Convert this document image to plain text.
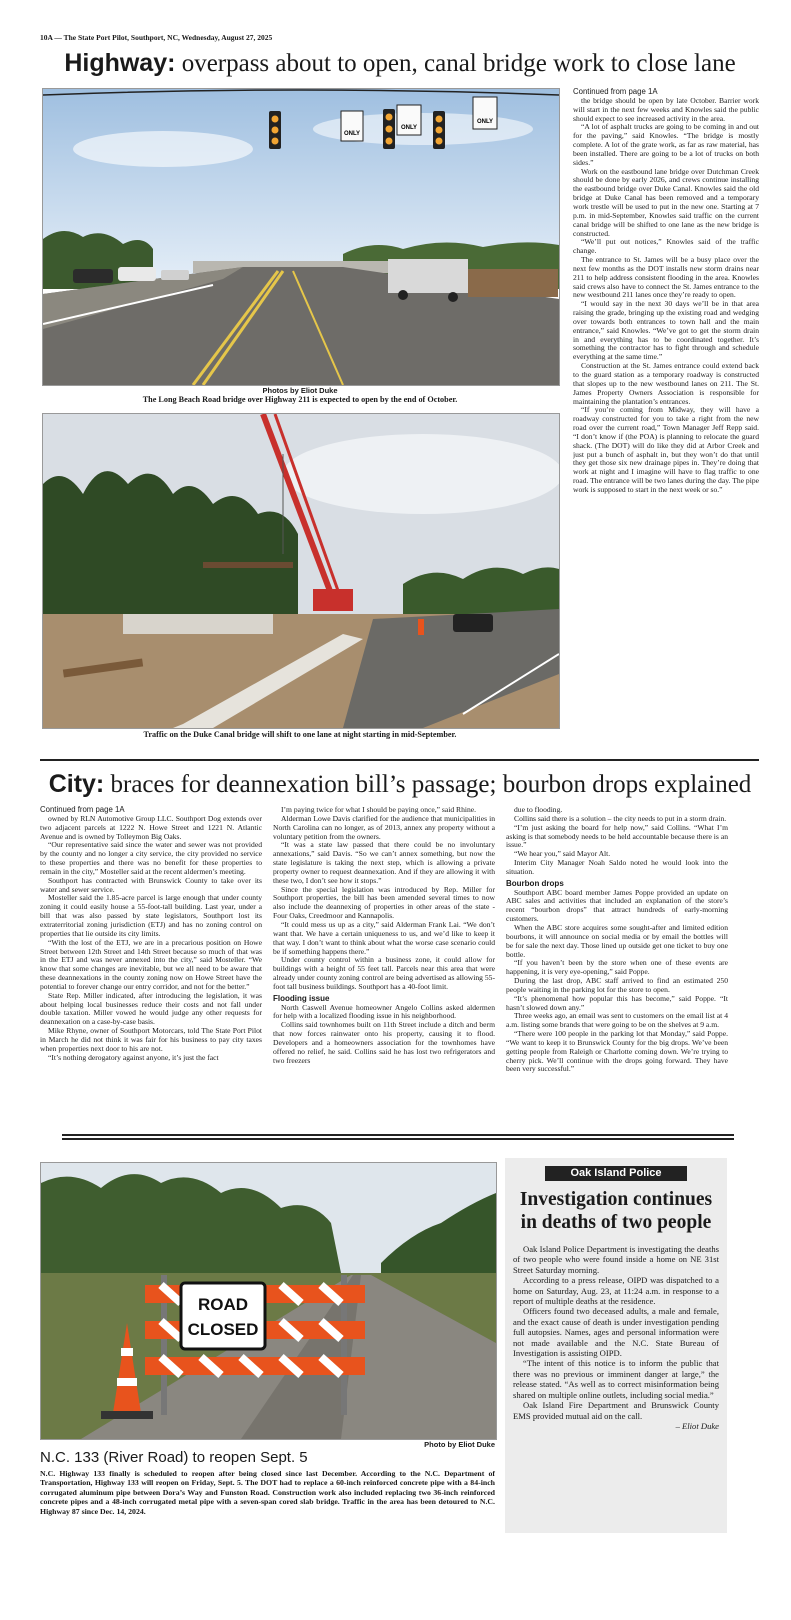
10A — The State Port Pilot, Southport, NC, Wednesday, August 27, 2025
Highway: overpass about to open, canal bridge work to close lane
ONLY
ONLY
ONLY
Photos by Eliot Duke
The Long Beach Road bridge over Highway 211 is expected to open by the end of October.
Traffic on the Duke Canal bridge will shift to one lane at night starting in mid-September.

Continued from page 1A

the bridge should be open by late October. Barrier work will start in the next few weeks and Knowles said the public should expect to see increased activity in the area.

“A lot of asphalt trucks are going to be coming in and out for the paving,” said Knowles. “The bridge is mostly complete. A lot of the grate work, as far as raw material, has been installed. There are going to be a lot of trucks on both sides.”

Work on the eastbound lane bridge over Dutchman Creek should be done by early 2026, and crews continue installing the eastbound bridge over Duke Canal. Knowles said the old bridge at Duke Canal has been removed and a temporary work trestle will be used to put in the new one. Starting at 7 p.m. in mid-September, Knowles said traffic on the current canal bridge will be shifted to one lane as the new bridge is constructed.

“We’ll put out notices,” Knowles said of the traffic change.

The entrance to St. James will be a busy place over the next few months as the DOT installs new storm drains near 211 to help address consistent flooding in the area. Knowles said crews also have to connect the St. James entrance to the new westbound 211 lanes once they’re ready to open.

“I would say in the next 30 days we’ll be in that area raising the grade, bringing up the existing road and wedging over towards both entrances to town hall and the main entrance,” said Knowles. “We’ve got to get the storm drain in and everything has to be coordinated together. It’s something the contractor has to fight through and schedule everything at the same time.”

Construction at the St. James entrance could extend back to the guard station as a temporary roadway is constructed that slopes up to the new westbound lanes on 211. The St. James Property Owners Association is responsible for maintaining the plantation’s entrances.

“If you’re coming from Midway, they will have a roadway constructed for you to take a right from the new road over the current road,” Town Manager Jeff Repp said. “I don’t know if (the POA) is planning to relocate the guard shack. (The DOT) will do like they did at Arbor Creek and just put a bunch of asphalt in, but they won’t do that until they get those six new drainage pipes in. They’re doing that work at night and I imagine will have to flag traffic to one road. The entrance will be two lanes during the day. The pipe work is supposed to start in the next week or so.”

City: braces for deannexation bill’s passage; bourbon drops explained

Continued from page 1A

owned by RLN Automotive Group LLC. Southport Dog extends over two adjacent parcels at 1222 N. Howe Street and 1221 N. Atlantic Avenue and is owned by Tolleymon Big Oaks.

“Our representative said since the water and sewer was not provided by the county and no longer a city service, the city provided no service to these properties and there was no benefit for these properties to remain in the city,” Mosteller said at the recent aldermen’s meeting.

Southport has contracted with Brunswick County to take over its water and sewer service.

Mosteller said the 1.85-acre parcel is large enough that under county zoning it could easily house a 55-foot-tall building. Last year, under a bill that was also passed by state legislators, Southport lost its extraterritorial zoning jurisdiction (ETJ) and has no zoning control on properties that lie outside its city limits.

“With the lost of the ETJ, we are in a precarious position on Howe Street between 12th Street and 14th Street because so much of that was in the ETJ and was never annexed into the city,” said Mosteller. “We know that some changes are inevitable, but we all need to be aware that these deannexations in the county zoning now on Howe Street have the potential to forever change our entry corridor, and not for the better.”

State Rep. Miller indicated, after introducing the legislation, it was about helping local businesses reduce their costs and not fall under double taxation. Miller vowed he would judge any other requests for deannexation on a case-by-case basis.

Mike Rhyne, owner of Southport Motorcars, told The State Port Pilot in March he did not think it was fair for his business to pay city taxes when properties next door to his are not.

“It’s nothing derogatory against anyone, it’s just the fact

I’m paying twice for what I should be paying once,” said Rhine.

Alderman Lowe Davis clarified for the audience that municipalities in North Carolina can no longer, as of 2013, annex any property without a voluntary petition from the owners.

“It was a state law passed that there could be no involuntary annexations,” said Davis. “So we can’t annex something, but now the state legislature is taking the next step, which is allowing a private property owner to request deannexation. And if they are allowing it with these two, I don’t see how it stops.”

Since the special legislation was introduced by Rep. Miller for Southport properties, the bill has been amended several times to now also include the deannexing of properties in other areas of the state - Four Oaks, Creedmoor and Kannapolis.

“It could mess us up as a city,” said Alderman Frank Lai. “We don’t want that. We have a certain uniqueness to us, and we’d like to keep it that way. I don’t want to think about what the worse case scenario could be if something happens there.”

Under county control within a business zone, it could allow for buildings with a height of 55 feet tall. Parcels near this area that were already under county zoning control are being advertised as allowing 55-foot tall business buildings. Southport has a 40-foot limit.

Flooding issue

North Caswell Avenue homeowner Angelo Collins asked aldermen for help with a localized flooding issue in his neighborhood.

Collins said townhomes built on 11th Street include a ditch and berm that now forces rainwater onto his property, causing it to flood. Developers and a homeowners association for the townhomes have offered no relief, he said. Collins said he has lost two refrigerators and two freezers

due to flooding.

Collins said there is a solution – the city needs to put in a storm drain.

“I’m just asking the board for help now,” said Collins. “What I’m asking is that somebody needs to be held accountable because there is an issue.”

“We hear you,” said Mayor Alt.

Interim City Manager Noah Saldo noted he would look into the situation.

Bourbon drops

Southport ABC board member James Poppe provided an update on ABC sales and activities that included an explanation of the store’s recent “bourbon drops” that attract hundreds of early-morning customers.

When the ABC store acquires some sought-after and limited edition bourbons, it will announce on social media or by email the bottles will be for sale the next day. Those lined up outside get one ticket to buy one bottle.

“If you haven’t been by the store when one of these events are happening, it is very eye-opening,” said Poppe.

During the last drop, ABC staff arrived to find an estimated 250 people waiting in the parking lot for the store to open.

“It’s phenomenal how popular this has become,” said Poppe. “It hasn’t slowed down any.”

Three weeks ago, an email was sent to customers on the email list at 4 a.m. listing some brands that were going to be on the shelves at 9 a.m.

“There were 100 people in the parking lot that Monday,” said Poppe. “We want to keep it to Brunswick County for the big drops. We’ve been getting people from Raleigh or Charlotte coming down. We’re trying to cherry pick. We’ll continue with the drops going forward. They have been very successful.”

ROAD
CLOSED
Photo by Eliot Duke
N.C. 133 (River Road) to reopen Sept. 5
N.C. Highway 133 finally is scheduled to reopen after being closed since last December. According to the N.C. Department of Transportation, Highway 133 will reopen on Friday, Sept. 5. The DOT had to replace a 60-inch reinforced concrete pipe with a 84-inch corrugated aluminum pipe between Dora’s Way and Funston Road. Construction work also included replacing two 36-inch reinforced concrete pipes and a 48-inch corrugated metal pipe with a seven-span cored slab bridge. Traffic in the area has been detoured to N.C. Highway 87 since Dec. 14, 2024.
Oak Island Police
Investigation continues in deaths of two people

Oak Island Police Department is investigating the deaths of two people who were found inside a home on NE 31st Street Saturday morning.

According to a press release, OIPD was dispatched to a home on Saturday, Aug. 23, at 11:24 a.m. in response to a report of multiple deaths at the residence.

Officers found two deceased adults, a male and female, and the exact cause of death is under investigation pending full autopsies. Names, ages and personal information were not made available and the N.C. State Bureau of Investigation is assisting OIPD.

“The intent of this notice is to inform the public that there was no previous or imminent danger at large,” the release stated. “As well as to correct misinformation being shared on multiple online outlets, including social media.”

Oak Island Fire Department and Brunswick County EMS provided mutual aid on the call.

– Eliot Duke
